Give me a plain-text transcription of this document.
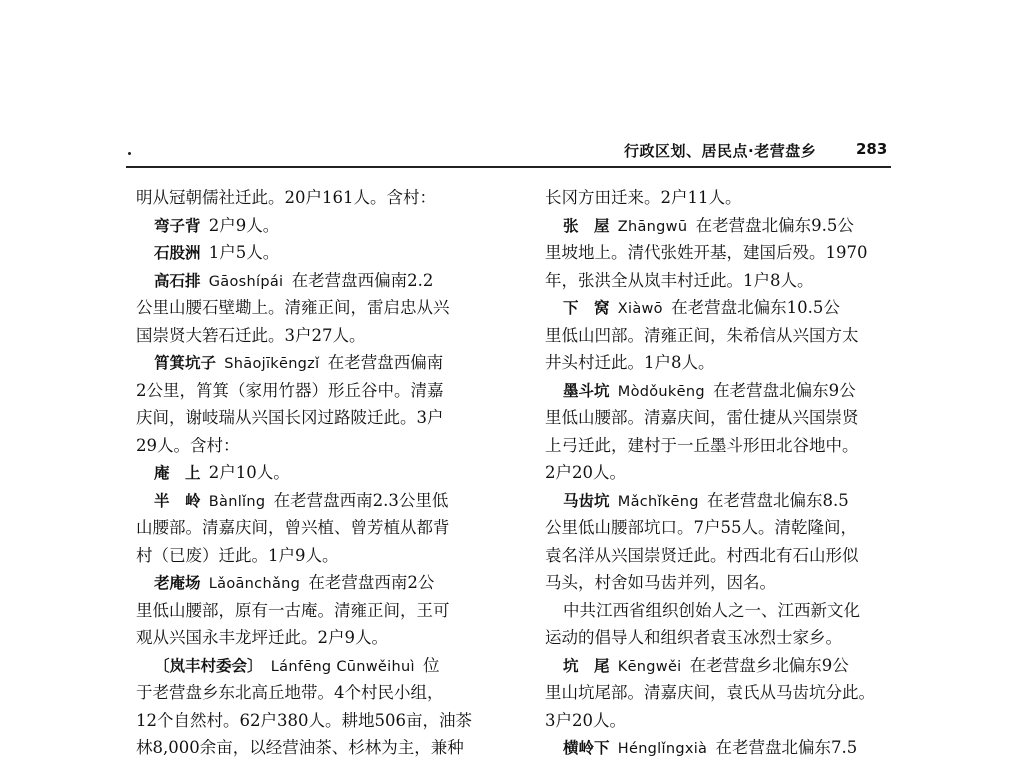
行政区划、居民点·老营盘乡	283
明从冠朝儒社迁此。20户161人。含村：
弯子背  2户9人。
石股洲  1户5人。
高石排  Gāoshípái  在老营盘西偏南2.2
公里山腰石壁墈上。清雍正间，雷启忠从兴
国崇贤大箬石迁此。3户27人。
筲箕坑子  Shāojīkēngzǐ  在老营盘西偏南
2公里，筲箕（家用竹器）形丘谷中。清嘉
庆间，谢岐瑞从兴国长冈过路陂迁此。3户
29人。含村：
庵　上  2户10人。
半　岭  Bànlǐng  在老营盘西南2.3公里低
山腰部。清嘉庆间，曾兴植、曾芳植从都背
村（已废）迁此。1户9人。
老庵场  Lǎoānchǎng  在老营盘西南2公
里低山腰部，原有一古庵。清雍正间，王可
观从兴国永丰龙坪迁此。2户9人。
〔岚丰村委会〕  Lánfēng Cūnwěihuì  位
于老营盘乡东北高丘地带。4个村民小组，
12个自然村。62户380人。耕地506亩，油茶
林8,000余亩，以经营油茶、杉林为主，兼种
长冈方田迁来。2户11人。
张　屋  Zhāngwū  在老营盘北偏东9.5公
里坡地上。清代张姓开基，建国后殁。1970
年，张洪全从岚丰村迁此。1户8人。
下　窝  Xiàwō  在老营盘北偏东10.5公
里低山凹部。清雍正间，朱希信从兴国方太
井头村迁此。1户8人。
墨斗坑  Mòdǒukēng  在老营盘北偏东9公
里低山腰部。清嘉庆间，雷仕捷从兴国崇贤
上弓迁此，建村于一丘墨斗形田北谷地中。
2户20人。
马齿坑  Mǎchǐkēng  在老营盘北偏东8.5
公里低山腰部坑口。7户55人。清乾隆间，
袁名洋从兴国崇贤迁此。村西北有石山形似
马头，村舍如马齿并列，因名。
中共江西省组织创始人之一、江西新文化
运动的倡导人和组织者袁玉冰烈士家乡。
坑　尾  Kēngwěi  在老营盘乡北偏东9公
里山坑尾部。清嘉庆间，袁氏从马齿坑分此。
3户20人。
横岭下  Hénglǐngxià  在老营盘北偏东7.5
